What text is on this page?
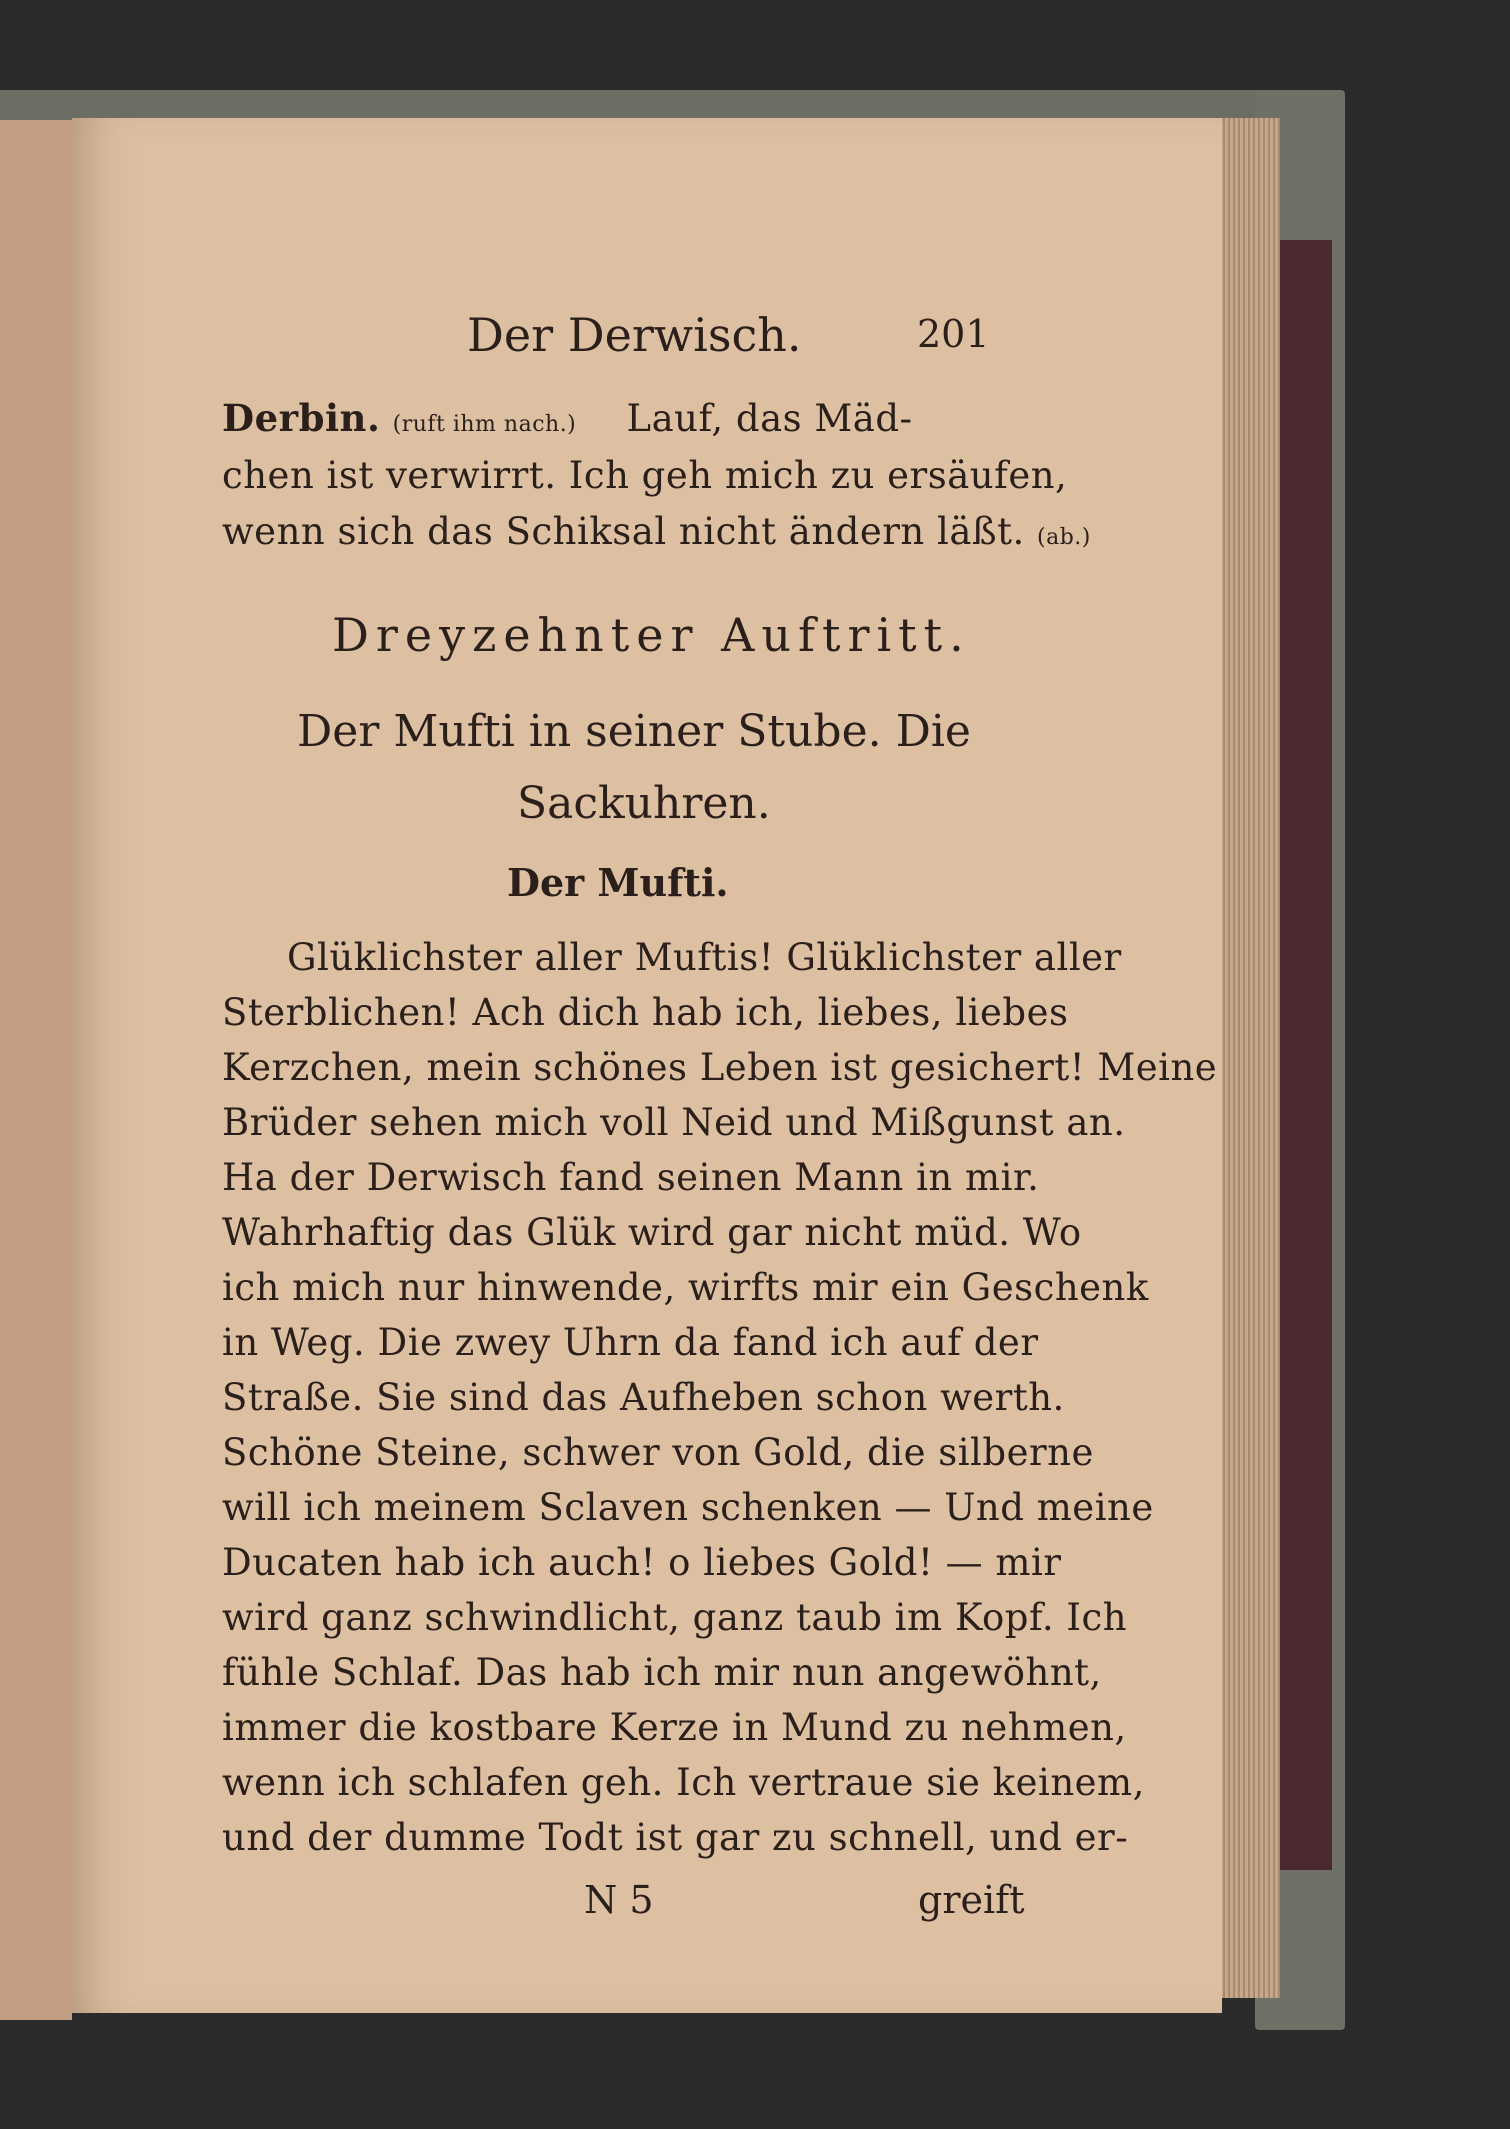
Der Derwisch.	201
Derbin. (ruft ihm nach.) Lauf, das Mäd-
chen ist verwirrt. Ich geh mich zu ersäufen,
wenn sich das Schiksal nicht ändern läßt. (ab.)
Dreyzehnter Auftritt.
Der Mufti in seiner Stube. Die
Sackuhren.
Der Mufti.
Glüklichster aller Muftis! Glüklichster aller
Sterblichen! Ach dich hab ich, liebes, liebes
Kerzchen, mein schönes Leben ist gesichert! Meine
Brüder sehen mich voll Neid und Mißgunst an.
Ha der Derwisch fand seinen Mann in mir.
Wahrhaftig das Glük wird gar nicht müd. Wo
ich mich nur hinwende, wirfts mir ein Geschenk
in Weg. Die zwey Uhrn da fand ich auf der
Straße. Sie sind das Aufheben schon werth.
Schöne Steine, schwer von Gold, die silberne
will ich meinem Sclaven schenken — Und meine
Ducaten hab ich auch! o liebes Gold! — mir
wird ganz schwindlicht, ganz taub im Kopf. Ich
fühle Schlaf. Das hab ich mir nun angewöhnt,
immer die kostbare Kerze in Mund zu nehmen,
wenn ich schlafen geh. Ich vertraue sie keinem,
und der dumme Todt ist gar zu schnell, und er-
N 5	greift
